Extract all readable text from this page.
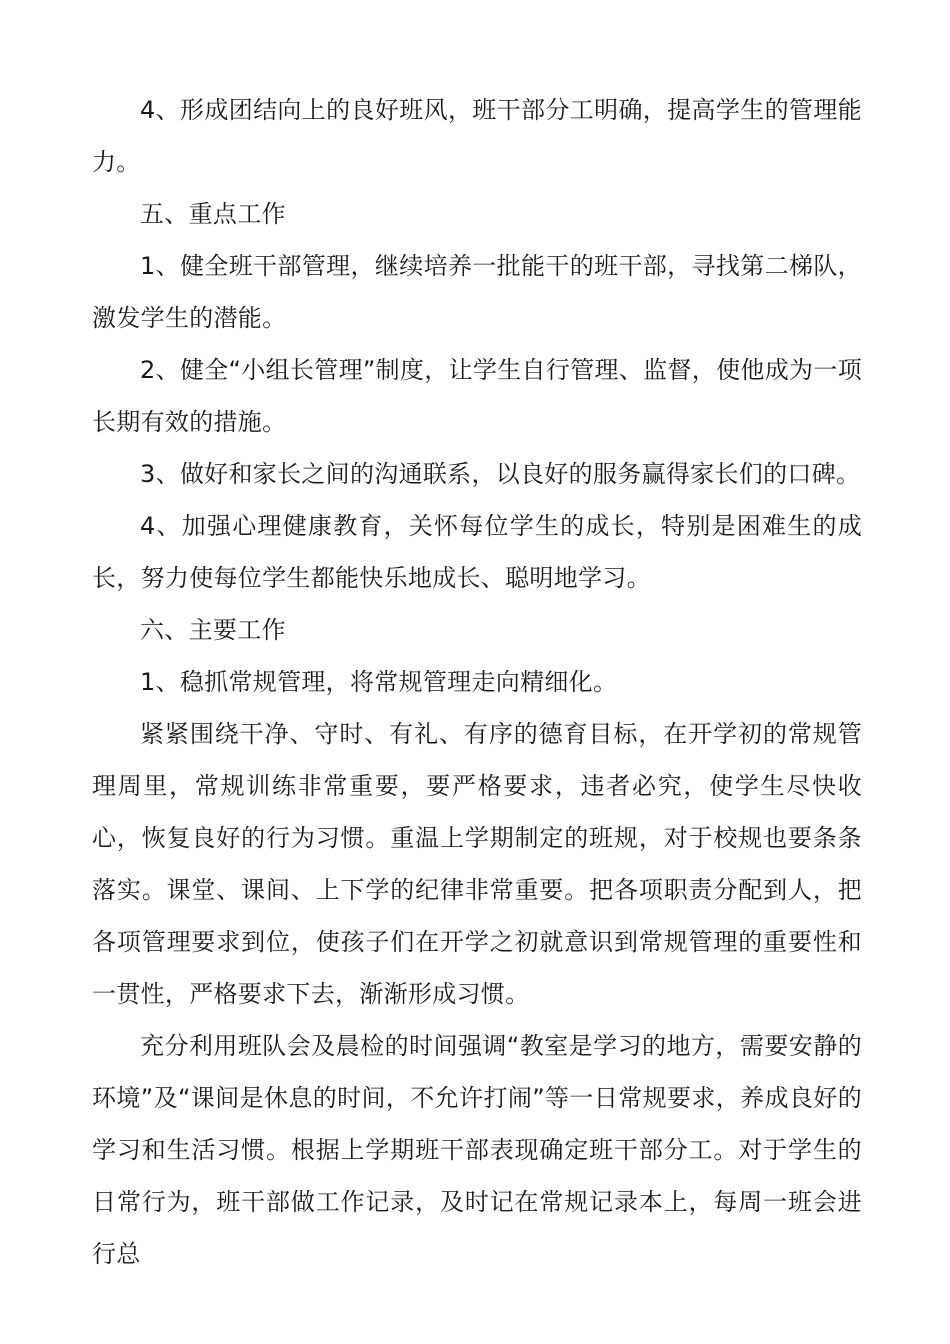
4、形成团结向上的良好班风，班干部分工明确，提高学生的管理能力。

五、重点工作

1、健全班干部管理，继续培养一批能干的班干部，寻找第二梯队，激发学生的潜能。

2、健全“小组长管理”制度，让学生自行管理、监督，使他成为一项长期有效的措施。

3、做好和家长之间的沟通联系，以良好的服务赢得家长们的口碑。

4、加强心理健康教育，关怀每位学生的成长，特别是困难生的成长，努力使每位学生都能快乐地成长、聪明地学习。

六、主要工作

1、稳抓常规管理，将常规管理走向精细化。

紧紧围绕干净、守时、有礼、有序的德育目标，在开学初的常规管理周里，常规训练非常重要，要严格要求，违者必究，使学生尽快收心，恢复良好的行为习惯。重温上学期制定的班规，对于校规也要条条落实。课堂、课间、上下学的纪律非常重要。把各项职责分配到人，把各项管理要求到位，使孩子们在开学之初就意识到常规管理的重要性和一贯性，严格要求下去，渐渐形成习惯。

充分利用班队会及晨检的时间强调“教室是学习的地方，需要安静的环境”及“课间是休息的时间，不允许打闹”等一日常规要求，养成良好的学习和生活习惯。根据上学期班干部表现确定班干部分工。对于学生的日常行为，班干部做工作记录，及时记在常规记录本上，每周一班会进行总
